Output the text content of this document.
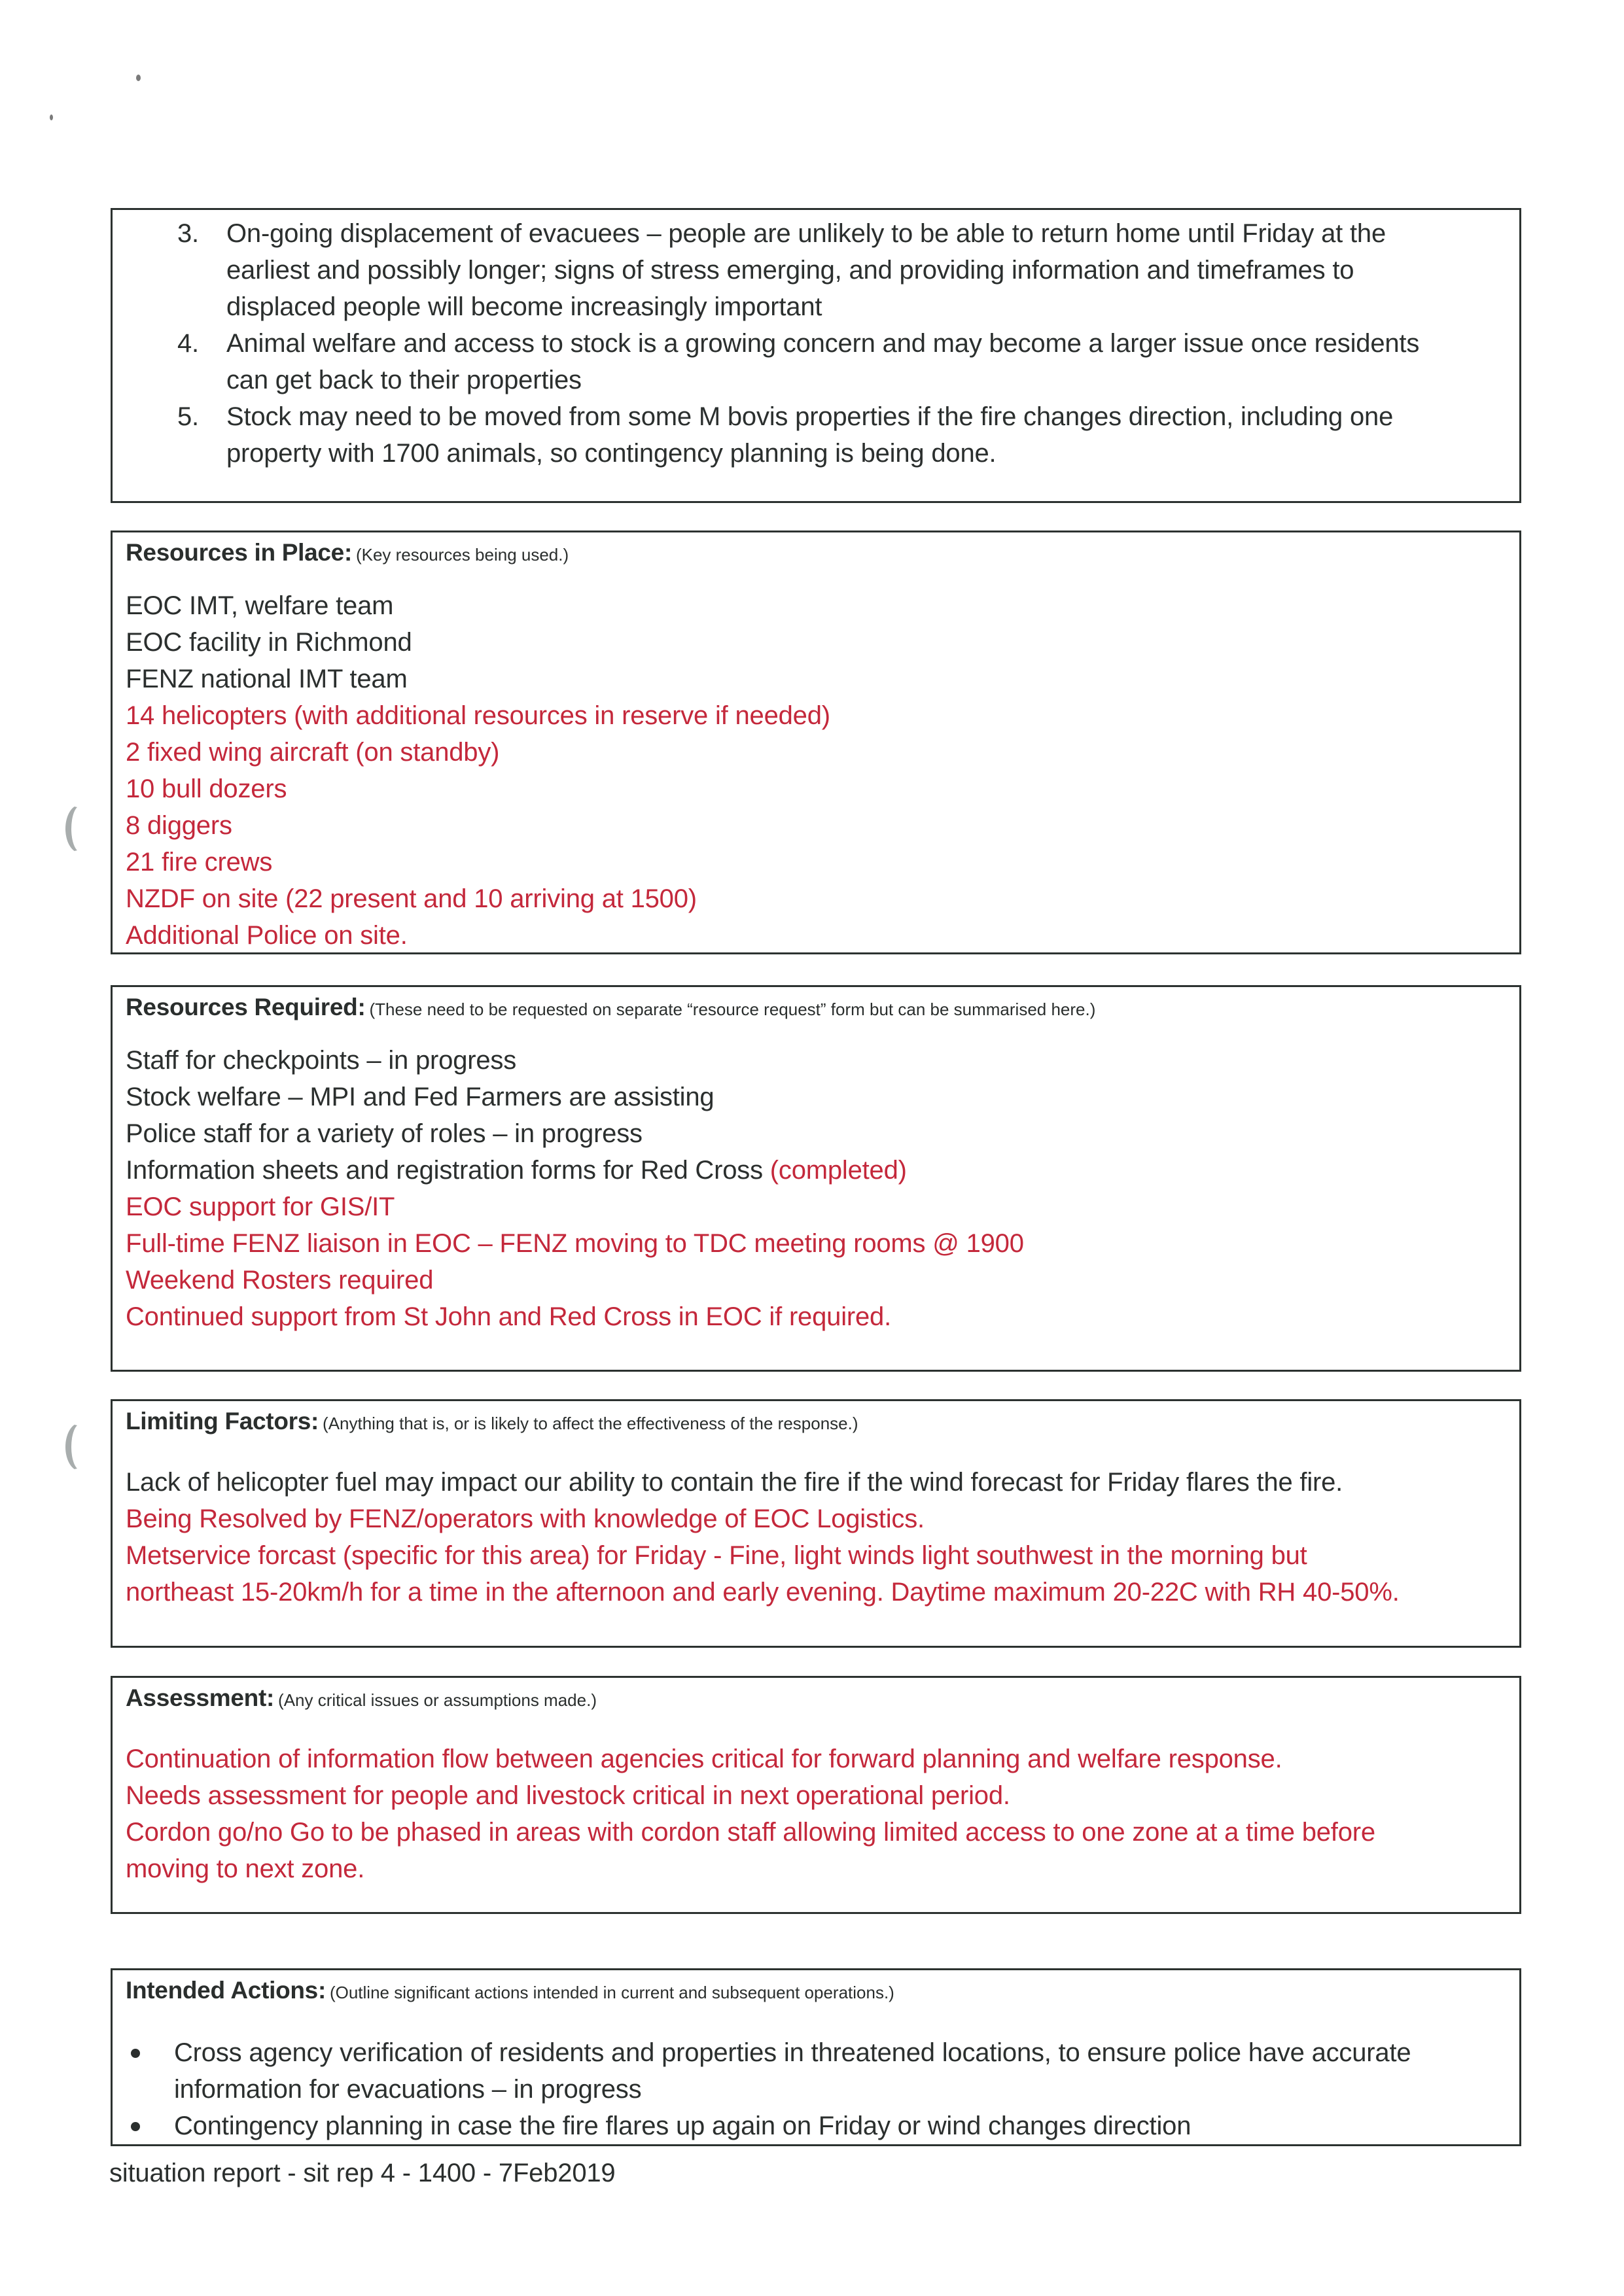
3. On-going displacement of evacuees – people are unlikely to be able to return home until Friday at the
earliest and possibly longer; signs of stress emerging, and providing information and timeframes to
displaced people will become increasingly important
4. Animal welfare and access to stock is a growing concern and may become a larger issue once residents
can get back to their properties
5. Stock may need to be moved from some M bovis properties if the fire changes direction, including one
property with 1700 animals, so contingency planning is being done.
Resources in Place: (Key resources being used.)
EOC IMT, welfare team
EOC facility in Richmond
FENZ national IMT team
14 helicopters (with additional resources in reserve if needed)
2 fixed wing aircraft (on standby)
10 bull dozers
8 diggers
21 fire crews
NZDF on site (22 present and 10 arriving at 1500)
Additional Police on site.
Resources Required: (These need to be requested on separate “resource request” form but can be summarised here.)
Staff for checkpoints – in progress
Stock welfare – MPI and Fed Farmers are assisting
Police staff for a variety of roles – in progress
Information sheets and registration forms for Red Cross (completed)
EOC support for GIS/IT
Full-time FENZ liaison in EOC – FENZ moving to TDC meeting rooms @ 1900
Weekend Rosters required
Continued support from St John and Red Cross in EOC if required.
Limiting Factors: (Anything that is, or is likely to affect the effectiveness of the response.)
Lack of helicopter fuel may impact our ability to contain the fire if the wind forecast for Friday flares the fire.
Being Resolved by FENZ/operators with knowledge of EOC Logistics.
Metservice forcast (specific for this area) for Friday - Fine, light winds light southwest in the morning but
northeast 15-20km/h for a time in the afternoon and early evening. Daytime maximum 20-22C with RH 40-50%.
Assessment: (Any critical issues or assumptions made.)
Continuation of information flow between agencies critical for forward planning and welfare response.
Needs assessment for people and livestock critical in next operational period.
Cordon go/no Go to be phased in areas with cordon staff allowing limited access to one zone at a time before
moving to next zone.
Intended Actions: (Outline significant actions intended in current and subsequent operations.)
Cross agency verification of residents and properties in threatened locations, to ensure police have accurate
information for evacuations – in progress
Contingency planning in case the fire flares up again on Friday or wind changes direction
situation report - sit rep 4 - 1400 - 7Feb2019
